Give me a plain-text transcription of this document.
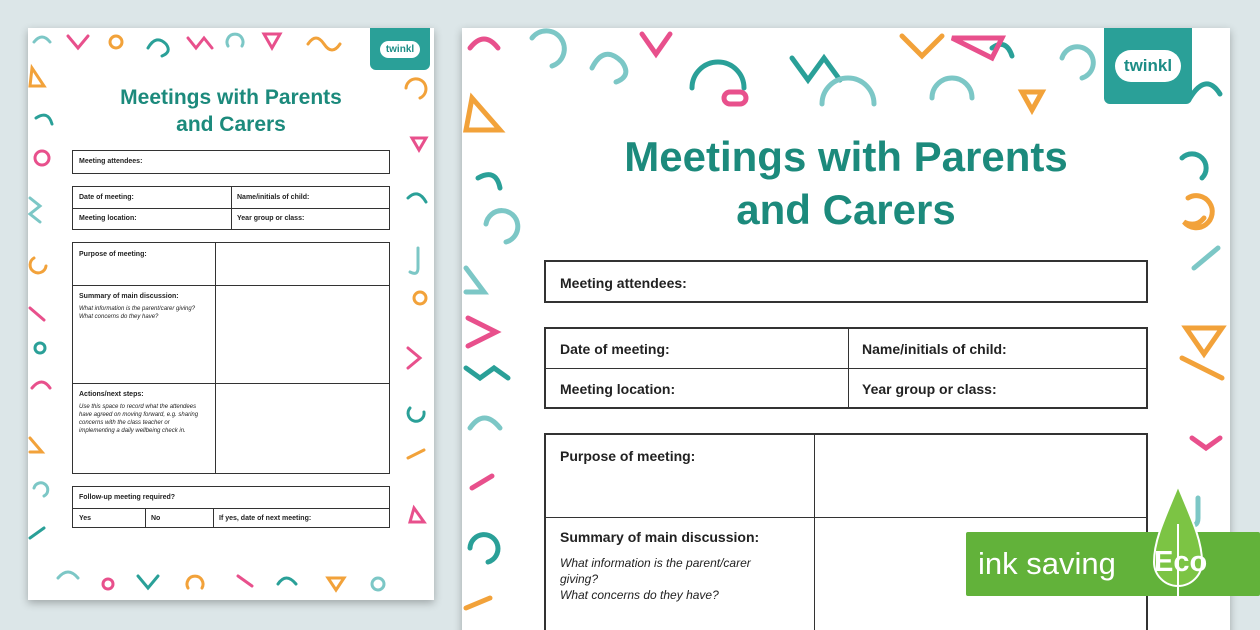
twinkl
Meetings with Parents
and Carers
Meeting attendees:
Date of meeting:	Name/initials of child:
Meeting location:	Year group or class:
Purpose of meeting:
Summary of main discussion:
What information is the parent/carer giving?
What concerns do they have?
Actions/next steps:
Use this space to record what the attendees have agreed on moving forward, e.g. sharing concerns with the class teacher or implementing a daily wellbeing check in.
Follow-up meeting required?
Yes	No	If yes, date of next meeting:
twinkl
Meetings with Parents
and Carers
Meeting attendees:
Date of meeting:	Name/initials of child:
Meeting location:	Year group or class:
Purpose of meeting:
Summary of main discussion:
What information is the parent/carer giving?
What concerns do they have?
ink saving Eco
